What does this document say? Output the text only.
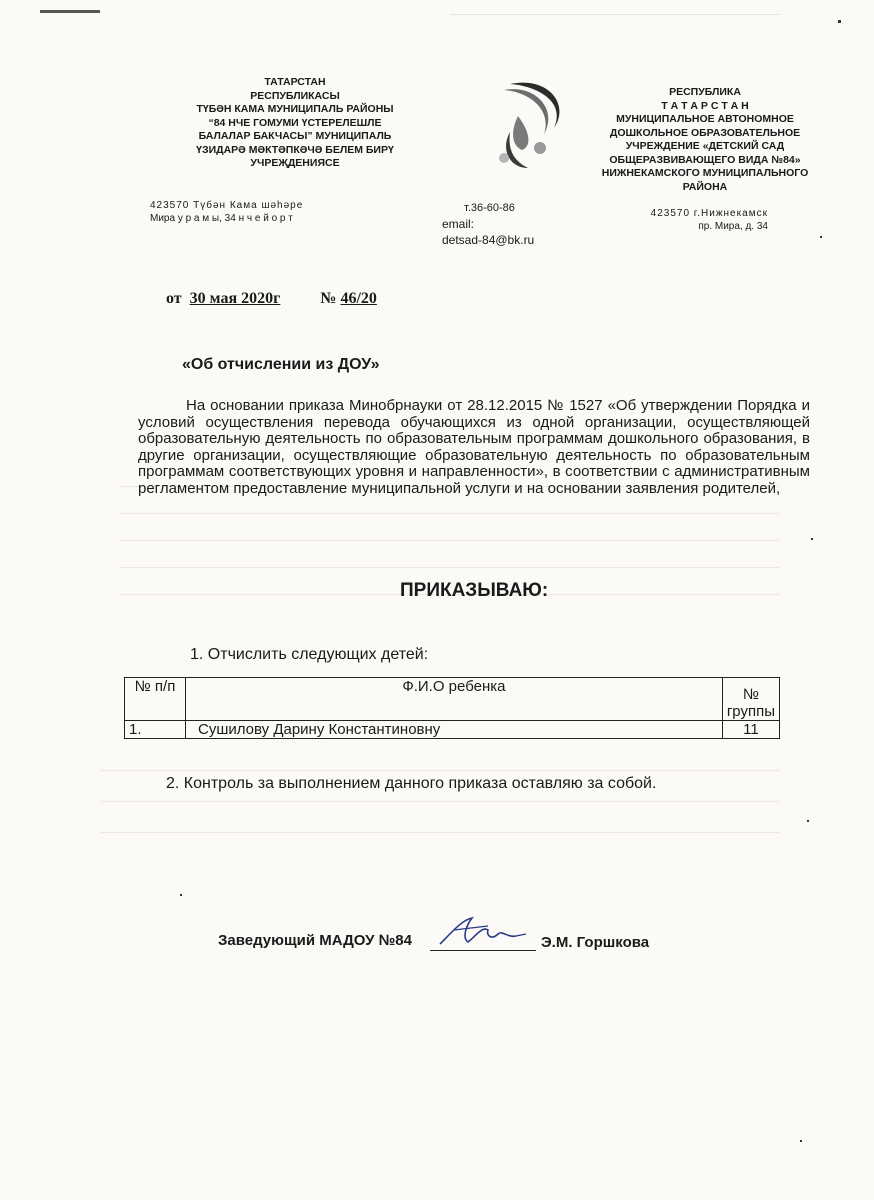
ТАТАРСТАН
РЕСПУБЛИКАСЫ
ТҮБӘН КАМА МУНИЦИПАЛЬ РАЙОНЫ
“84 НЧЕ ГОМУМИ ҮСТЕРЕЛЕШЛЕ
БАЛАЛАР БАКЧАСЫ” МУНИЦИПАЛЬ
ҮЗИДАРӘ МӘКТӘПКӘЧӘ БЕЛЕМ БИРҮ
УЧРЕҖДЕНИЯСЕ
РЕСПУБЛИКА
Т А Т А Р С Т А Н
МУНИЦИПАЛЬНОЕ АВТОНОМНОЕ
ДОШКОЛЬНОЕ ОБРАЗОВАТЕЛЬНОЕ
УЧРЕЖДЕНИЕ «ДЕТСКИЙ САД
ОБЩЕРАЗВИВАЮЩЕГО ВИДА №84»
НИЖНЕКАМСКОГО МУНИЦИПАЛЬНОГО
РАЙОНА
423570 Түбән Кама шәһәре
Мира у р а м ы, 34 н ч е й о р т
т.36-60-86
email:
detsad-84@bk.ru
423570 г.Нижнекамск
пр. Мира, д. 34
от 30 мая 2020г	№ 46/20
«Об отчислении из ДОУ»
На основании приказа Минобрнауки от 28.12.2015 № 1527 «Об утверждении Порядка и условий осуществления перевода обучающихся из одной организации, осуществляющей образовательную деятельность по образовательным программам дошкольного образования, в другие организации, осуществляющие образовательную деятельность по образовательным программам соответствующих уровня и направленности», в соответствии с административным регламентом предоставление муниципальной услуги и на основании заявления родителей,
ПРИКАЗЫВАЮ:
1. Отчислить следующих детей:
№ п/п	Ф.И.О ребенка	№ группы
1.	Сушилову Дарину Константиновну	11
2. Контроль за выполнением данного приказа оставляю за собой.
Заведующий МАДОУ №84	Э.М. Горшкова
